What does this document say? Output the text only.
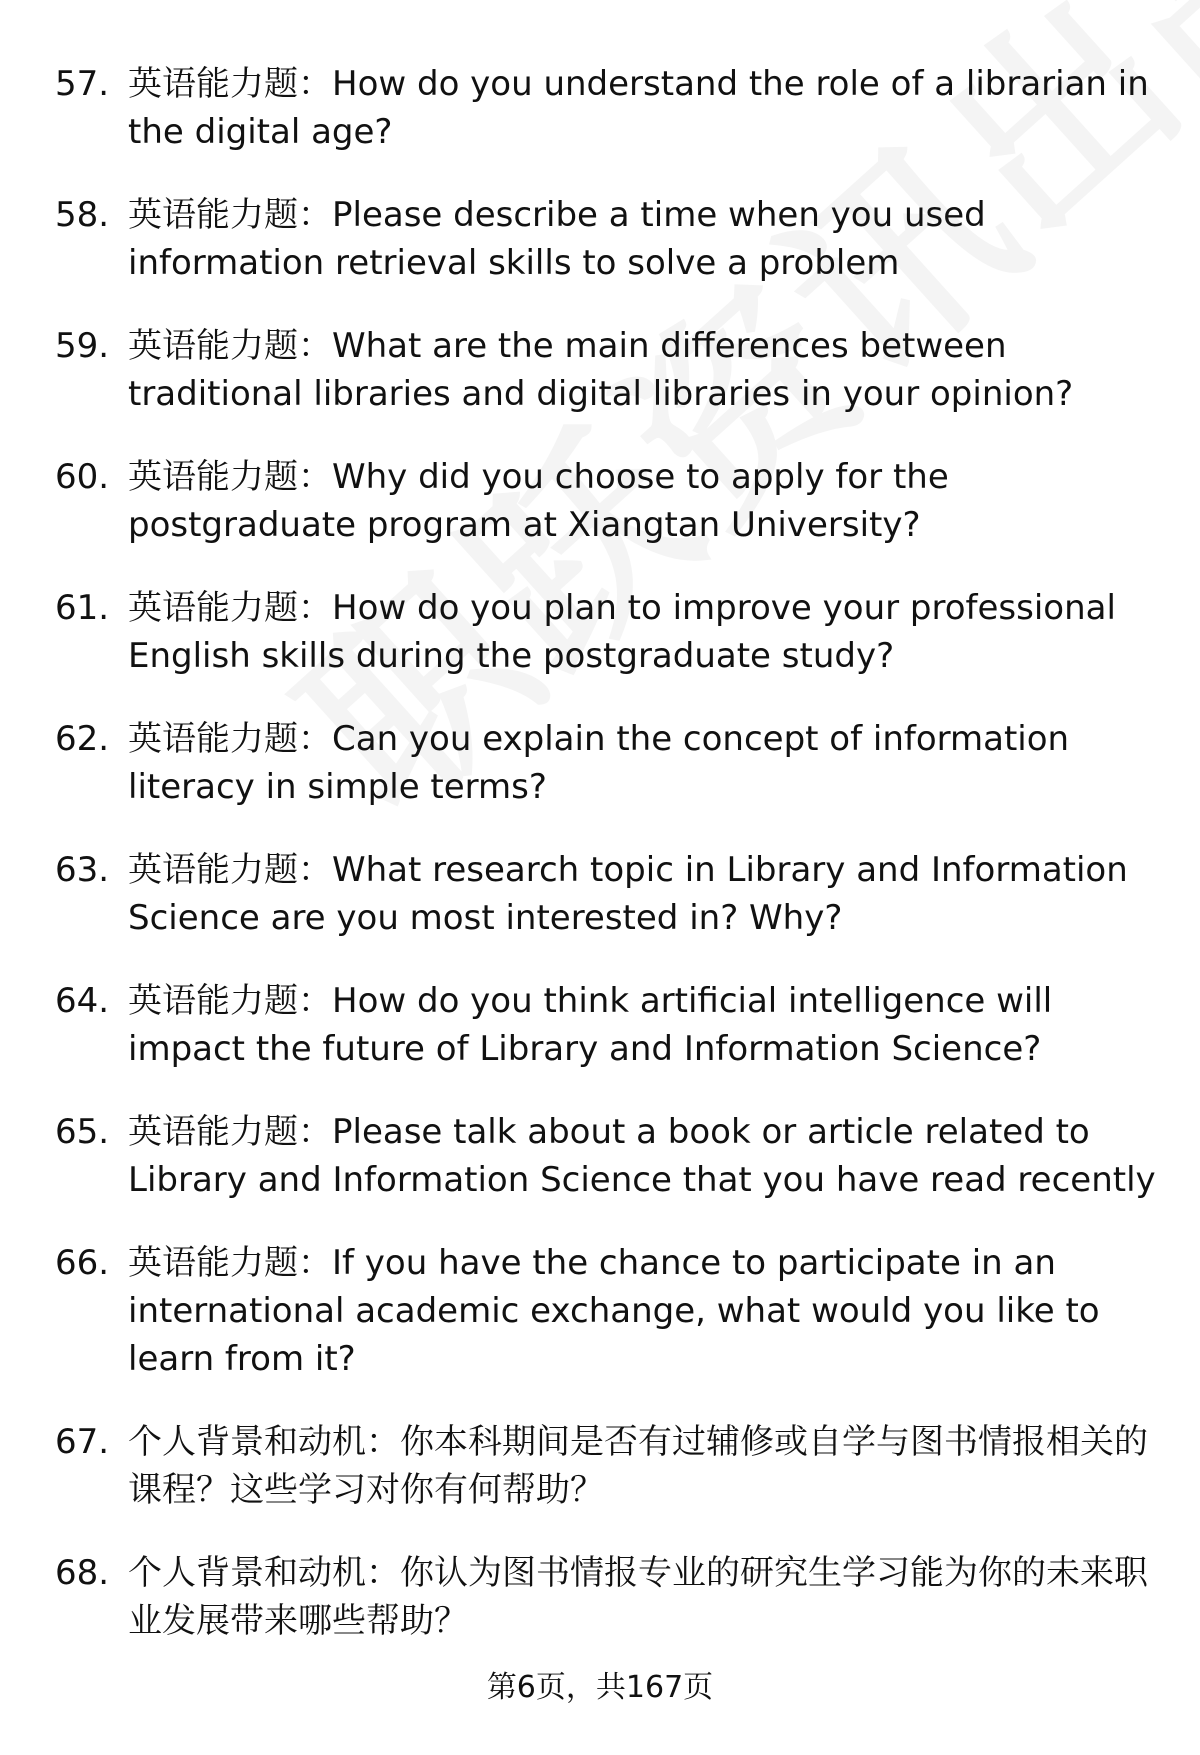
57. 英语能力题：How do you understand the role of a librarian in the digital age?
58. 英语能力题：Please describe a time when you used information retrieval skills to solve a problem
59. 英语能力题：What are the main differences between traditional libraries and digital libraries in your opinion?
60. 英语能力题：Why did you choose to apply for the postgraduate program at Xiangtan University?
61. 英语能力题：How do you plan to improve your professional English skills during the postgraduate study?
62. 英语能力题：Can you explain the concept of information literacy in simple terms?
63. 英语能力题：What research topic in Library and Information Science are you most interested in? Why?
64. 英语能力题：How do you think artificial intelligence will impact the future of Library and Information Science?
65. 英语能力题：Please talk about a book or article related to Library and Information Science that you have read recently
66. 英语能力题：If you have the chance to participate in an international academic exchange, what would you like to learn from it?
67. 个人背景和动机：你本科期间是否有过辅修或自学与图书情报相关的课程？这些学习对你有何帮助？
68. 个人背景和动机：你认为图书情报专业的研究生学习能为你的未来职业发展带来哪些帮助？
第6页，共167页
